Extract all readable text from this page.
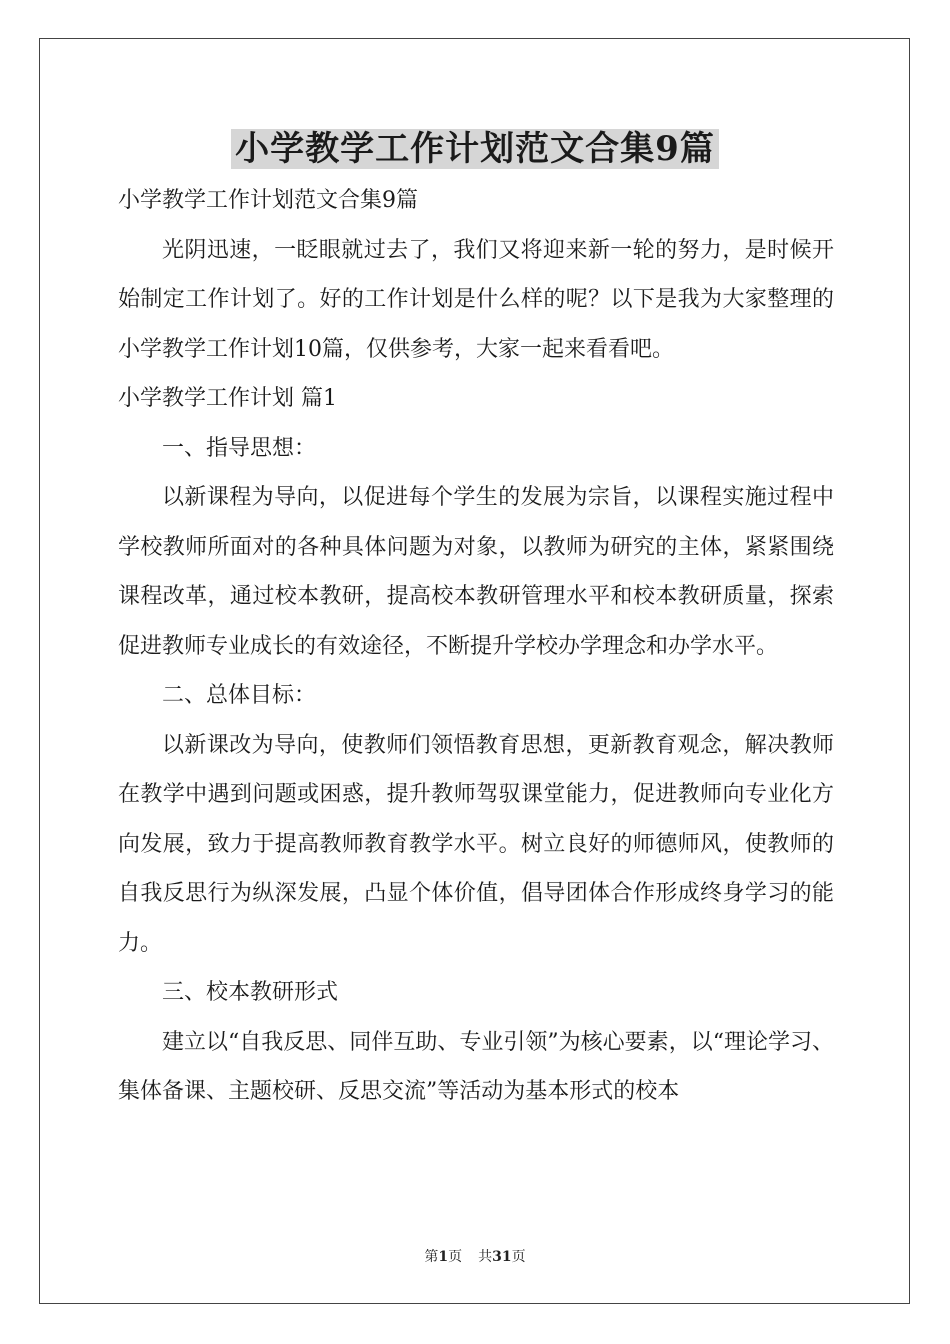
小学教学工作计划范文合集9篇

小学教学工作计划范文合集9篇

光阴迅速，一眨眼就过去了，我们又将迎来新一轮的努力，是时候开始制定工作计划了。好的工作计划是什么样的呢？以下是我为大家整理的小学教学工作计划10篇，仅供参考，大家一起来看看吧。

小学教学工作计划 篇1

一、指导思想：

以新课程为导向，以促进每个学生的发展为宗旨，以课程实施过程中学校教师所面对的各种具体问题为对象，以教师为研究的主体，紧紧围绕课程改革，通过校本教研，提高校本教研管理水平和校本教研质量，探索促进教师专业成长的有效途径，不断提升学校办学理念和办学水平。

二、总体目标：

以新课改为导向，使教师们领悟教育思想，更新教育观念，解决教师在教学中遇到问题或困惑，提升教师驾驭课堂能力，促进教师向专业化方向发展，致力于提高教师教育教学水平。树立良好的师德师风，使教师的自我反思行为纵深发展，凸显个体价值，倡导团体合作形成终身学习的能力。

三、校本教研形式

建立以“自我反思、同伴互助、专业引领”为核心要素，以“理论学习、集体备课、主题校研、反思交流”等活动为基本形式的校本

第1页 共31页
